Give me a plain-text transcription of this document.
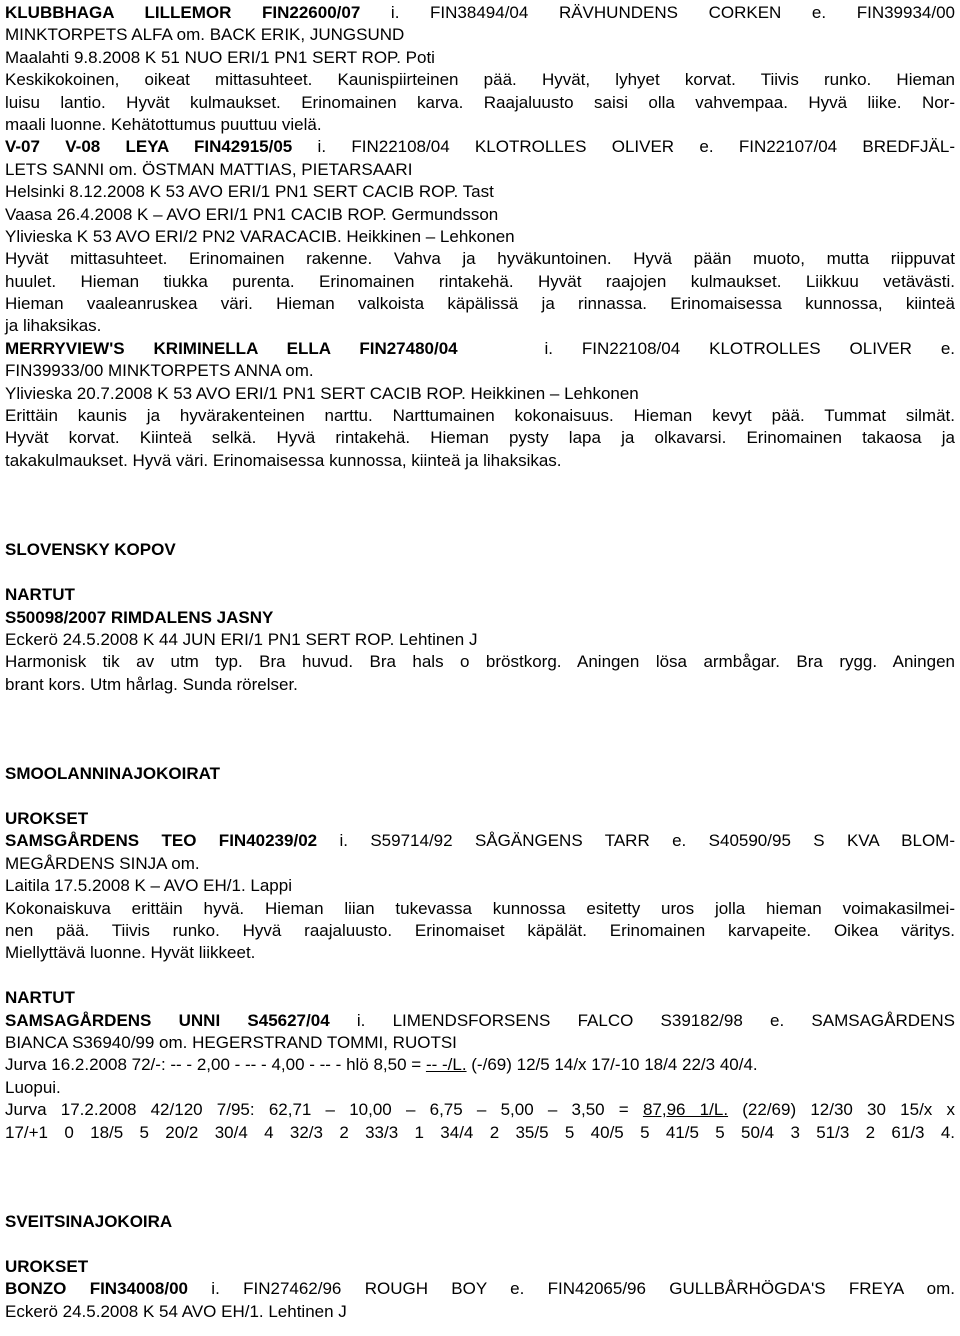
KLUBBHAGA LILLEMOR FIN22600/07 i. FIN38494/04 RÄVHUNDENS CORKEN e. FIN39934/00
MINKTORPETS ALFA om. BACK ERIK, JUNGSUND
Maalahti 9.8.2008 K 51 NUO ERI/1 PN1 SERT ROP. Poti
Keskikokoinen, oikeat mittasuhteet. Kaunispiirteinen pää. Hyvät, lyhyet korvat. Tiivis runko. Hieman
luisu lantio. Hyvät kulmaukset. Erinomainen karva. Raajaluusto saisi olla vahvempaa. Hyvä liike. Nor-
maali luonne. Kehätottumus puuttuu vielä.
V-07 V-08 LEYA FIN42915/05 i. FIN22108/04 KLOTROLLES OLIVER e. FIN22107/04 BREDFJÄL-
LETS SANNI om. ÖSTMAN MATTIAS, PIETARSAARI
Helsinki 8.12.2008 K 53 AVO ERI/1 PN1 SERT CACIB ROP. Tast
Vaasa 26.4.2008 K – AVO ERI/1 PN1 CACIB ROP. Germundsson
Ylivieska K 53 AVO ERI/2 PN2 VARACACIB. Heikkinen – Lehkonen
Hyvät mittasuhteet. Erinomainen rakenne. Vahva ja hyväkuntoinen. Hyvä pään muoto, mutta riippuvat
huulet. Hieman tiukka purenta. Erinomainen rintakehä. Hyvät raajojen kulmaukset. Liikkuu vetävästi.
Hieman vaaleanruskea väri. Hieman valkoista käpälissä ja rinnassa. Erinomaisessa kunnossa, kiinteä
ja lihaksikas.
MERRYVIEW'S KRIMINELLA ELLA FIN27480/04   i. FIN22108/04 KLOTROLLES OLIVER e.
FIN39933/00 MINKTORPETS ANNA om.
Ylivieska 20.7.2008 K 53 AVO ERI/1 PN1 SERT CACIB ROP. Heikkinen – Lehkonen
Erittäin kaunis ja hyvärakenteinen narttu. Narttumainen kokonaisuus. Hieman kevyt pää. Tummat silmät.
Hyvät korvat. Kiinteä selkä. Hyvä rintakehä. Hieman pysty lapa ja olkavarsi. Erinomainen takaosa ja
takakulmaukset. Hyvä väri. Erinomaisessa kunnossa, kiinteä ja lihaksikas.
SLOVENSKY KOPOV
NARTUT
S50098/2007 RIMDALENS JASNY
Eckerö 24.5.2008 K 44 JUN ERI/1 PN1 SERT ROP. Lehtinen J
Harmonisk tik av utm typ. Bra huvud. Bra hals o bröstkorg. Aningen lösa armbågar. Bra rygg. Aningen
brant kors. Utm hårlag. Sunda rörelser.
SMOOLANNINAJOKOIRAT
UROKSET
SAMSGÅRDENS TEO FIN40239/02 i. S59714/92 SÅGÄNGENS TARR e. S40590/95 S KVA BLOM-
MEGÅRDENS SINJA om.
Laitila 17.5.2008 K – AVO EH/1. Lappi
Kokonaiskuva erittäin hyvä. Hieman liian tukevassa kunnossa esitetty uros jolla hieman voimakasilmei-
nen pää. Tiivis runko. Hyvä raajaluusto. Erinomaiset käpälät. Erinomainen karvapeite. Oikea väritys.
Miellyttävä luonne. Hyvät liikkeet.
NARTUT
SAMSAGÅRDENS UNNI S45627/04 i. LIMENDSFORSENS FALCO S39182/98 e. SAMSAGÅRDENS
BIANCA S36940/99 om. HEGERSTRAND TOMMI, RUOTSI
Jurva 16.2.2008 72/-: -- - 2,00 - -- - 4,00 - -- - hlö 8,50 = -- -/L. (-/69) 12/5 14/x 17/-10 18/4 22/3 40/4.
Luopui.
Jurva 17.2.2008 42/120 7/95: 62,71 – 10,00 – 6,75 – 5,00 – 3,50 = 87,96 1/L. (22/69) 12/30 30 15/x x
17/+1 0 18/5 5 20/2 30/4 4 32/3 2 33/3 1 34/4 2 35/5 5 40/5 5 41/5 5 50/4 3 51/3 2 61/3 4.
SVEITSINAJOKOIRA
UROKSET
BONZO FIN34008/00 i. FIN27462/96 ROUGH BOY e. FIN42065/96 GULLBÅRHÖGDA'S FREYA om.
Eckerö 24.5.2008 K 54 AVO EH/1. Lehtinen J
